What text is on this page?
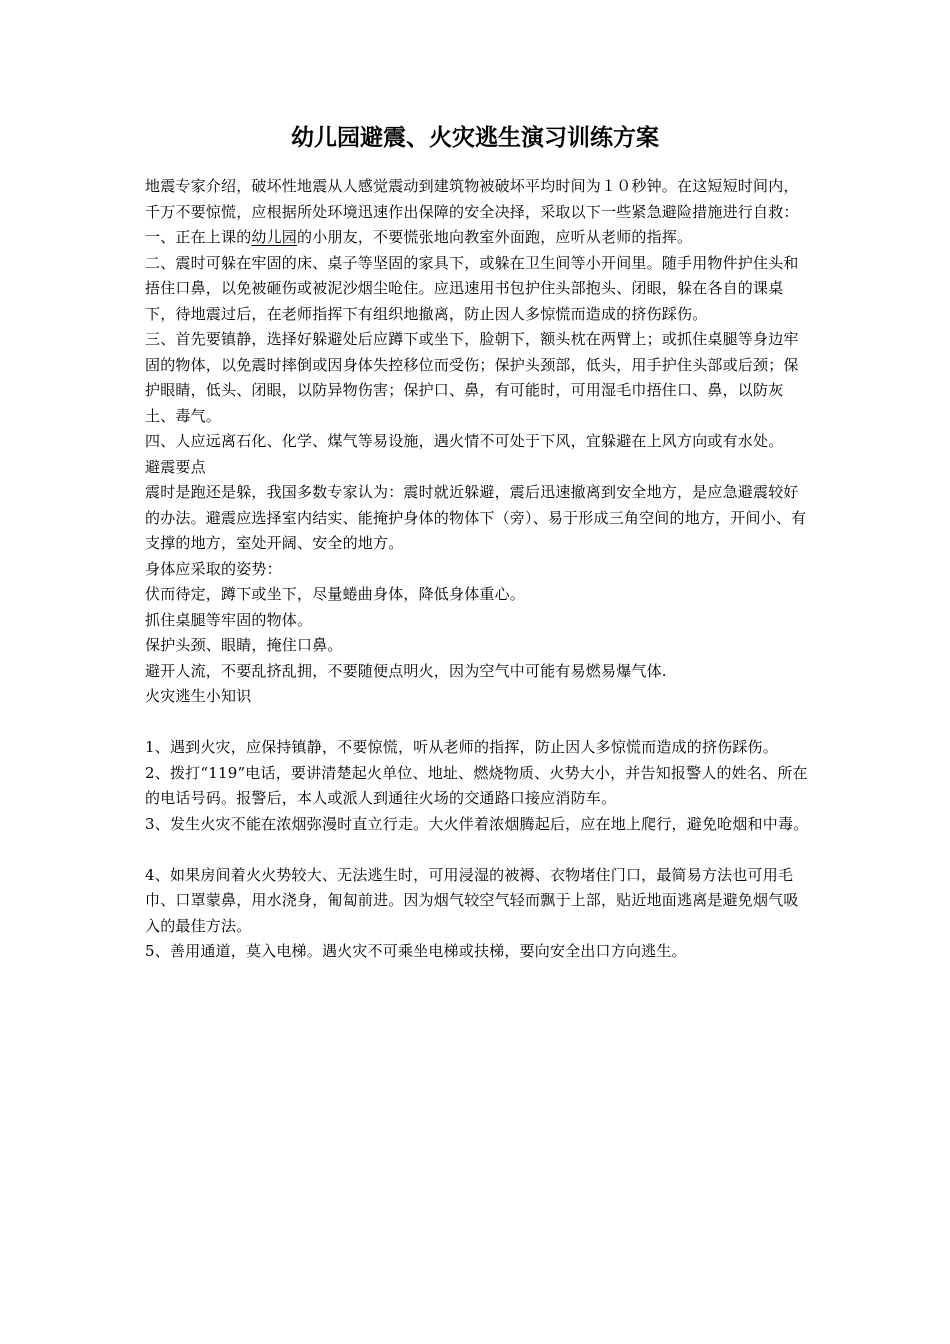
幼儿园避震、火灾逃生演习训练方案

地震专家介绍，破坏性地震从人感觉震动到建筑物被破坏平均时间为１０秒钟。在这短短时间内，千万不要惊慌，应根据所处环境迅速作出保障的安全决择，采取以下一些紧急避险措施进行自救：

一、正在上课的幼儿园的小朋友，不要慌张地向教室外面跑，应听从老师的指挥。

二、震时可躲在牢固的床、桌子等坚固的家具下，或躲在卫生间等小开间里。随手用物件护住头和捂住口鼻，以免被砸伤或被泥沙烟尘呛住。应迅速用书包护住头部抱头、闭眼，躲在各自的课桌下，待地震过后，在老师指挥下有组织地撤离，防止因人多惊慌而造成的挤伤踩伤。

三、首先要镇静，选择好躲避处后应蹲下或坐下，脸朝下，额头枕在两臂上；或抓住桌腿等身边牢固的物体，以免震时摔倒或因身体失控移位而受伤；保护头颈部，低头，用手护住头部或后颈；保护眼睛，低头、闭眼，以防异物伤害；保护口、鼻，有可能时，可用湿毛巾捂住口、鼻，以防灰土、毒气。

四、人应远离石化、化学、煤气等易设施，遇火情不可处于下风，宜躲避在上风方向或有水处。

避震要点

震时是跑还是躲，我国多数专家认为：震时就近躲避，震后迅速撤离到安全地方，是应急避震较好的办法。避震应选择室内结实、能掩护身体的物体下（旁）、易于形成三角空间的地方，开间小、有支撑的地方，室处开阔、安全的地方。

身体应采取的姿势：

伏而待定，蹲下或坐下，尽量蜷曲身体，降低身体重心。

抓住桌腿等牢固的物体。

保护头颈、眼睛，掩住口鼻。

避开人流，不要乱挤乱拥，不要随便点明火，因为空气中可能有易燃易爆气体.

火灾逃生小知识

1、遇到火灾，应保持镇静，不要惊慌，听从老师的指挥，防止因人多惊慌而造成的挤伤踩伤。

2、拨打“119”电话，要讲清楚起火单位、地址、燃烧物质、火势大小，并告知报警人的姓名、所在的电话号码。报警后，本人或派人到通往火场的交通路口接应消防车。

3、发生火灾不能在浓烟弥漫时直立行走。大火伴着浓烟腾起后，应在地上爬行，避免呛烟和中毒。

4、如果房间着火火势较大、无法逃生时，可用浸湿的被褥、衣物堵住门口，最简易方法也可用毛巾、口罩蒙鼻，用水浇身，匍匐前进。因为烟气较空气轻而飘于上部，贴近地面逃离是避免烟气吸入的最佳方法。

5、善用通道，莫入电梯。遇火灾不可乘坐电梯或扶梯，要向安全出口方向逃生。
